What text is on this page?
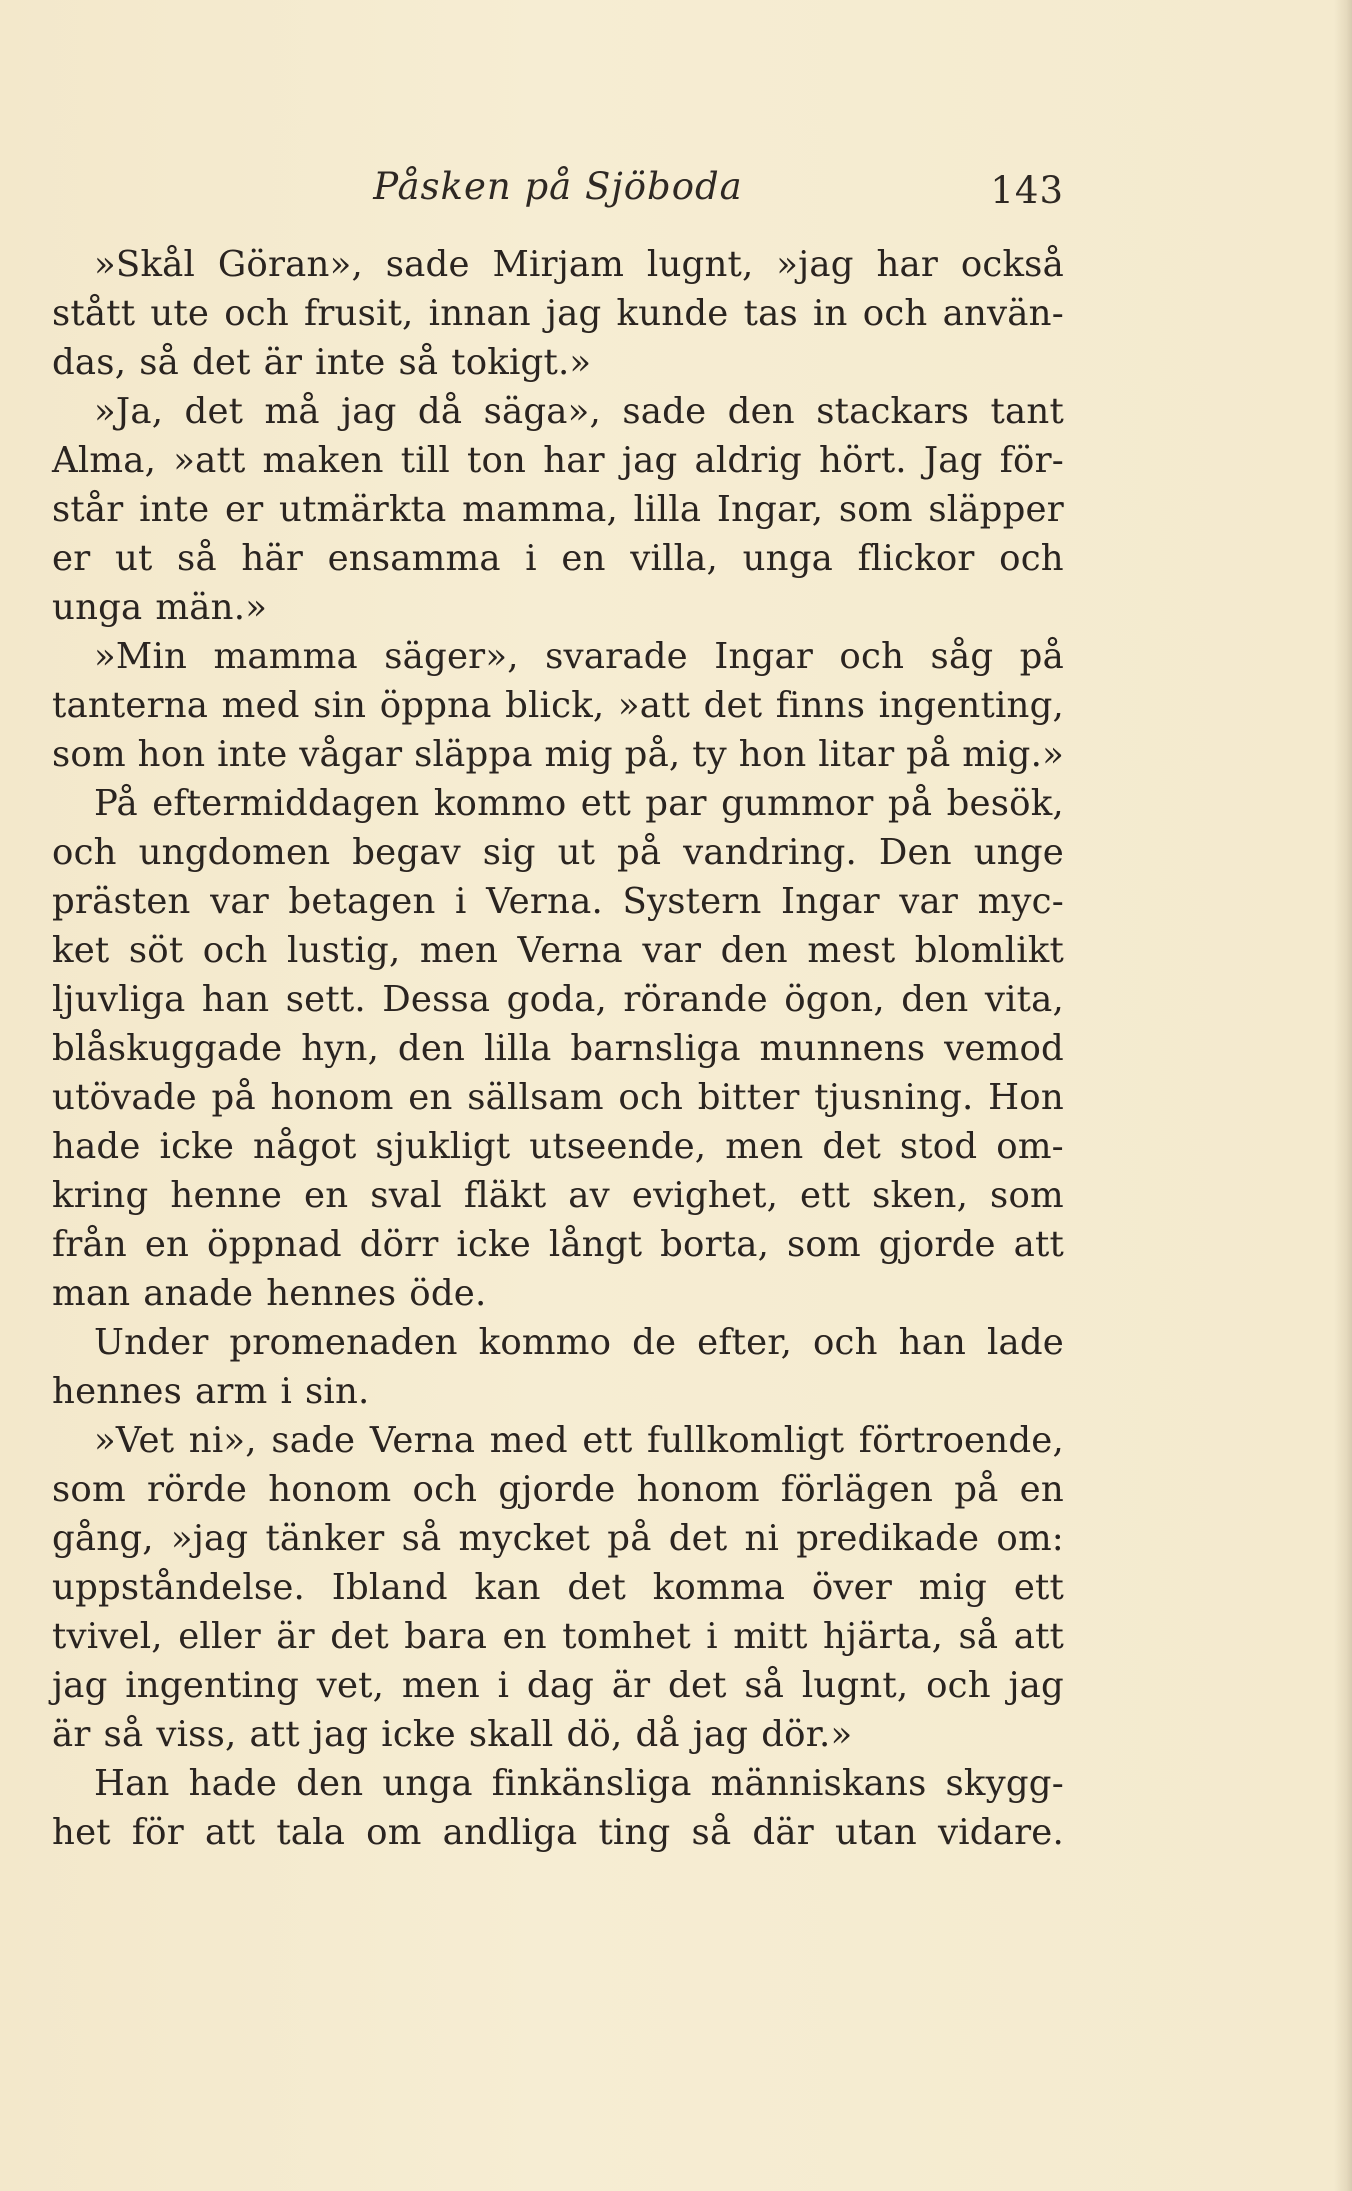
Påsken på Sjöboda	143
»Skål Göran», sade Mirjam lugnt, »jag har också
stått ute och frusit, innan jag kunde tas in och använ-
das, så det är inte så tokigt.»
»Ja, det må jag då säga», sade den stackars tant
Alma, »att maken till ton har jag aldrig hört. Jag för-
står inte er utmärkta mamma, lilla Ingar, som släpper
er ut så här ensamma i en villa, unga flickor och
unga män.»
»Min mamma säger», svarade Ingar och såg på
tanterna med sin öppna blick, »att det finns ingenting,
som hon inte vågar släppa mig på, ty hon litar på mig.»
På eftermiddagen kommo ett par gummor på besök,
och ungdomen begav sig ut på vandring. Den unge
prästen var betagen i Verna. Systern Ingar var myc-
ket söt och lustig, men Verna var den mest blomlikt
ljuvliga han sett. Dessa goda, rörande ögon, den vita,
blåskuggade hyn, den lilla barnsliga munnens vemod
utövade på honom en sällsam och bitter tjusning. Hon
hade icke något sjukligt utseende, men det stod om-
kring henne en sval fläkt av evighet, ett sken, som
från en öppnad dörr icke långt borta, som gjorde att
man anade hennes öde.
Under promenaden kommo de efter, och han lade
hennes arm i sin.
»Vet ni», sade Verna med ett fullkomligt förtroende,
som rörde honom och gjorde honom förlägen på en
gång, »jag tänker så mycket på det ni predikade om:
uppståndelse. Ibland kan det komma över mig ett
tvivel, eller är det bara en tomhet i mitt hjärta, så att
jag ingenting vet, men i dag är det så lugnt, och jag
är så viss, att jag icke skall dö, då jag dör.»
Han hade den unga finkänsliga människans skygg-
het för att tala om andliga ting så där utan vidare.
